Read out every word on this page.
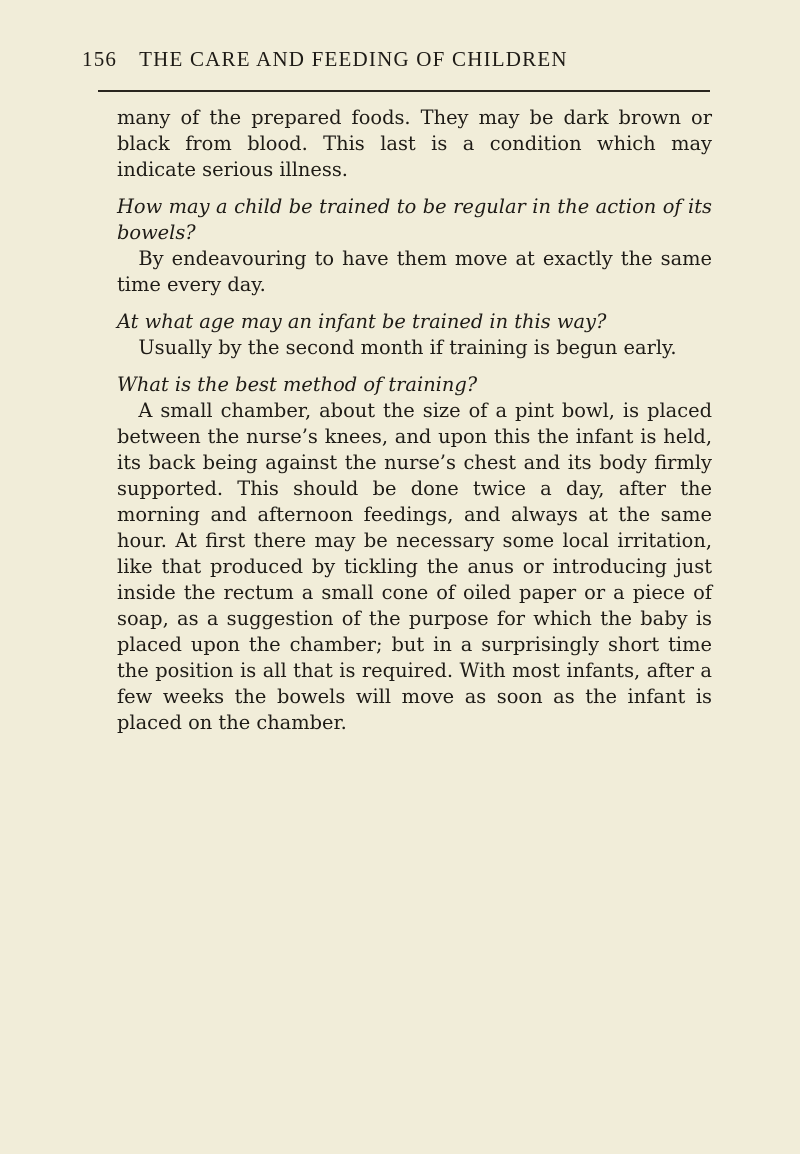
156 THE CARE AND FEEDING OF CHILDREN

many of the prepared foods. They may be dark brown or black from blood. This last is a condition which may indicate serious illness.

How may a child be trained to be regular in the action of its bowels?

By endeavouring to have them move at exactly the same time every day.

At what age may an infant be trained in this way?

Usually by the second month if training is begun early.

What is the best method of training?

A small chamber, about the size of a pint bowl, is placed between the nurse’s knees, and upon this the infant is held, its back being against the nurse’s chest and its body firmly supported. This should be done twice a day, after the morning and afternoon feedings, and always at the same hour. At first there may be necessary some local irritation, like that produced by tickling the anus or introducing just inside the rectum a small cone of oiled paper or a piece of soap, as a suggestion of the purpose for which the baby is placed upon the chamber; but in a surprisingly short time the position is all that is required. With most infants, after a few weeks the bowels will move as soon as the infant is placed on the chamber.
